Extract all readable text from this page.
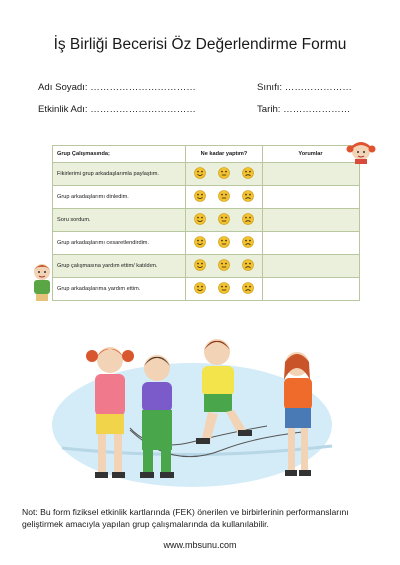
İş Birliği Becerisi Öz Değerlendirme Formu
Adı Soyadı: ……………………………	Sınıfı: …………………
Etkinlik Adı: ……………………………	Tarih: …………………
Grup Çalışmasında;	Ne kadar yaptım?	Yorumlar
Fikirlerimi grup arkadaşlarımla paylaştım.
Grup arkadaşlarımı dinledim.
Soru sordum.
Grup arkadaşlarımı cesaretlendirdim.
Grup çalışmasına yardım ettim/ katıldım.
Grup arkadaşlarıma yardım ettim.
Not: Bu form fiziksel etkinlik kartlarında (FEK) önerilen ve birbirlerinin performanslarını geliştirmek amacıyla yapılan grup çalışmalarında da kullanılabilir.
www.mbsunu.com
